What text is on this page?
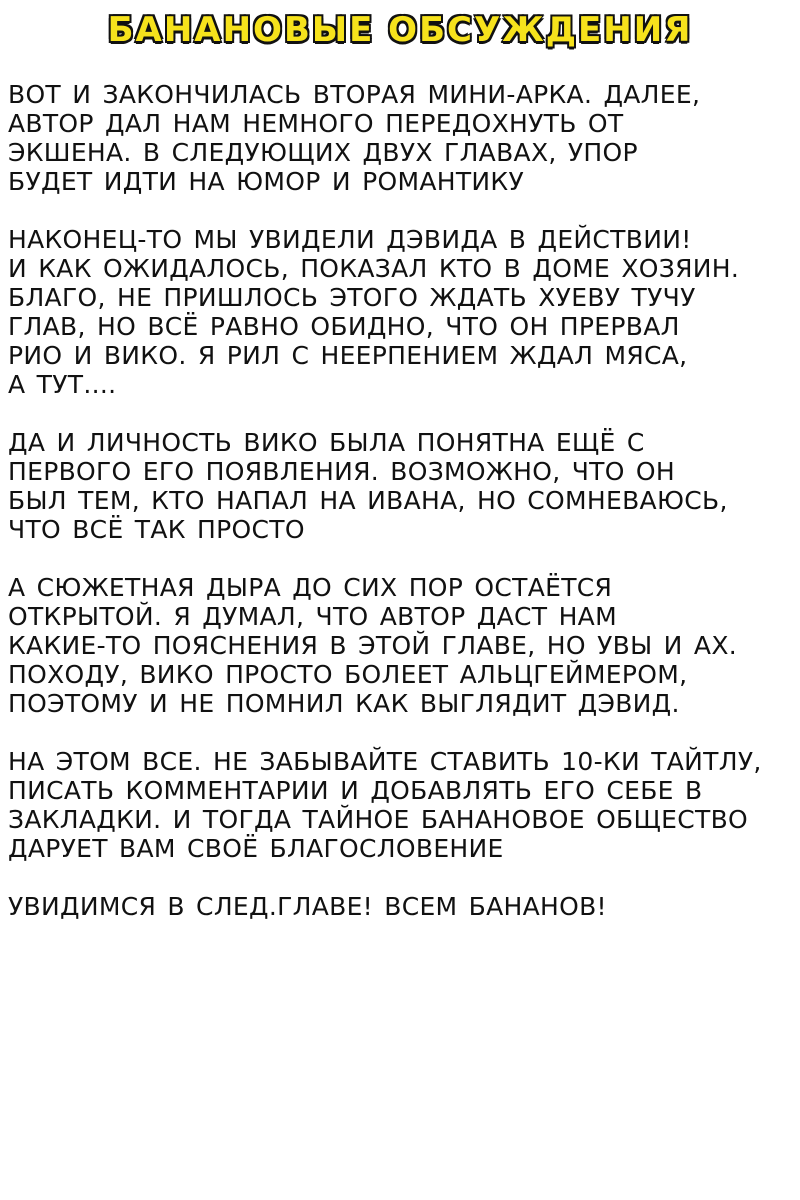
БАНАНОВЫЕ ОБСУЖДЕНИЯ

ВОТ И ЗАКОНЧИЛАСЬ ВТОРАЯ МИНИ-АРКА. ДАЛЕЕ,
АВТОР ДАЛ НАМ НЕМНОГО ПЕРЕДОХНУТЬ ОТ
ЭКШЕНА. В СЛЕДУЮЩИХ ДВУХ ГЛАВАХ, УПОР
БУДЕТ ИДТИ НА ЮМОР И РОМАНТИКУ

НАКОНЕЦ-ТО МЫ УВИДЕЛИ ДЭВИДА В ДЕЙСТВИИ!
И КАК ОЖИДАЛОСЬ, ПОКАЗАЛ КТО В ДОМЕ ХОЗЯИН.
БЛАГО, НЕ ПРИШЛОСЬ ЭТОГО ЖДАТЬ ХУЕВУ ТУЧУ
ГЛАВ, НО ВСЁ РАВНО ОБИДНО, ЧТО ОН ПРЕРВАЛ
РИО И ВИКО. Я РИЛ С НЕЕРПЕНИЕМ ЖДАЛ МЯСА,
А ТУТ....

ДА И ЛИЧНОСТЬ ВИКО БЫЛА ПОНЯТНА ЕЩЁ С
ПЕРВОГО ЕГО ПОЯВЛЕНИЯ. ВОЗМОЖНО, ЧТО ОН
БЫЛ ТЕМ, КТО НАПАЛ НА ИВАНА, НО СОМНЕВАЮСЬ,
ЧТО ВСЁ ТАК ПРОСТО

А СЮЖЕТНАЯ ДЫРА ДО СИХ ПОР ОСТАЁТСЯ
ОТКРЫТОЙ. Я ДУМАЛ, ЧТО АВТОР ДАСТ НАМ
КАКИЕ-ТО ПОЯСНЕНИЯ В ЭТОЙ ГЛАВЕ, НО УВЫ И АХ.
ПОХОДУ, ВИКО ПРОСТО БОЛЕЕТ АЛЬЦГЕЙМЕРОМ,
ПОЭТОМУ И НЕ ПОМНИЛ КАК ВЫГЛЯДИТ ДЭВИД.

НА ЭТОМ ВСЕ. НЕ ЗАБЫВАЙТЕ СТАВИТЬ 10-КИ ТАЙТЛУ,
ПИСАТЬ КОММЕНТАРИИ И ДОБАВЛЯТЬ ЕГО СЕБЕ В
ЗАКЛАДКИ. И ТОГДА ТАЙНОЕ БАНАНОВОЕ ОБЩЕСТВО
ДАРУЕТ ВАМ СВОЁ БЛАГОСЛОВЕНИЕ

УВИДИМСЯ В СЛЕД.ГЛАВЕ! ВСЕМ БАНАНОВ!
